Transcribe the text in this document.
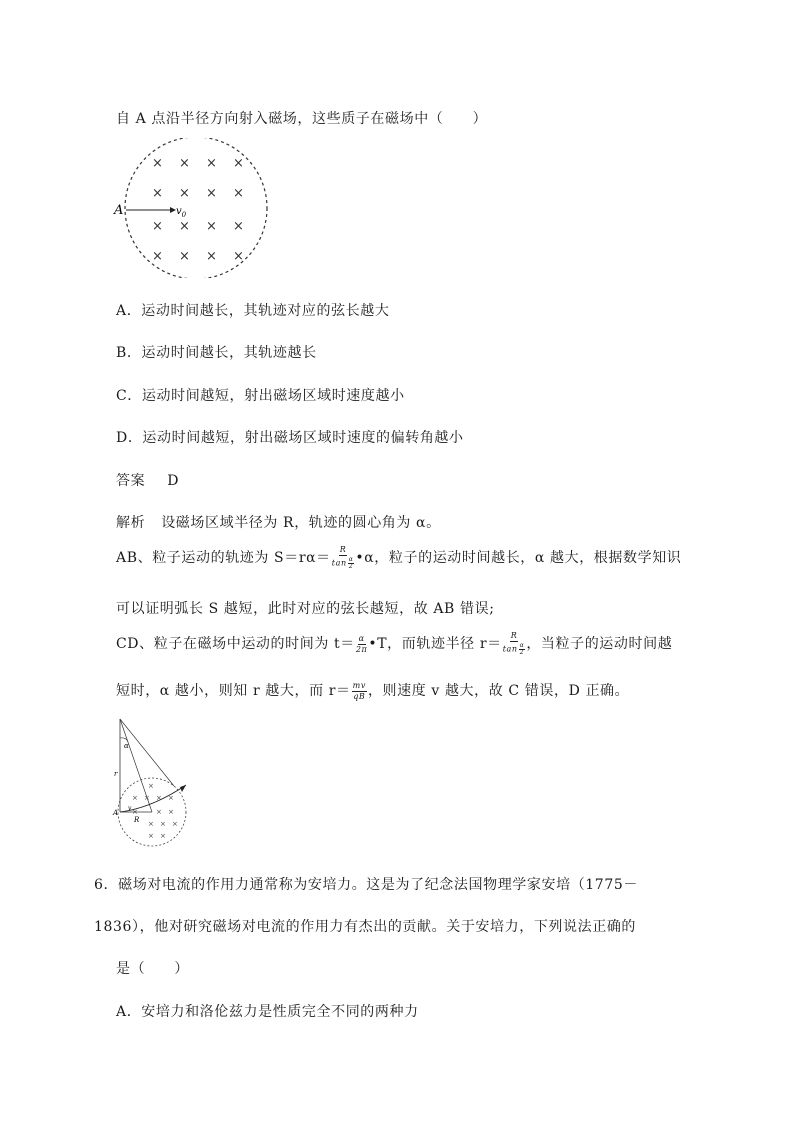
自 A 点沿半径方向射入磁场，这些质子在磁场中（　　）
A	$v_0$
× × × ×
× × × ×
× × × ×
× × × ×
A．运动时间越长，其轨迹对应的弦长越大
B．运动时间越长，其轨迹越长
C．运动时间越短，射出磁场区域时速度越小
D．运动时间越短，射出磁场区域时速度的偏转角越小
答案 D
解析 设磁场区域半径为 R，轨迹的圆心角为 α。
AB、粒子运动的轨迹为 $S=r\alpha= \frac{R}{\tan \frac{\alpha}{2}}$ •α，粒子的运动时间越长，α 越大，根据数学知识
可以证明弧长 S 越短，此时对应的弦长越短，故 AB 错误;
CD、粒子在磁场中运动的时间为 $t= \frac{\alpha}{2\pi}$ •T，而轨迹半径 $r= \frac{R}{\tan \frac{\alpha}{2}}$ ，当粒子的运动时间越
短时，α 越小，则知 r 越大，而 $r= \frac{mv}{qB}$ ，则速度 v 越大，故 C 错误，D 正确。
α
r
A
v
R
×
× × × ×
×	× ×
× × ×
× ×
6．磁场对电流的作用力通常称为安培力。这是为了纪念法国物理学家安培（1775－
1836），他对研究磁场对电流的作用力有杰出的贡献。关于安培力，下列说法正确的
是（　　）
A．安培力和洛伦兹力是性质完全不同的两种力
